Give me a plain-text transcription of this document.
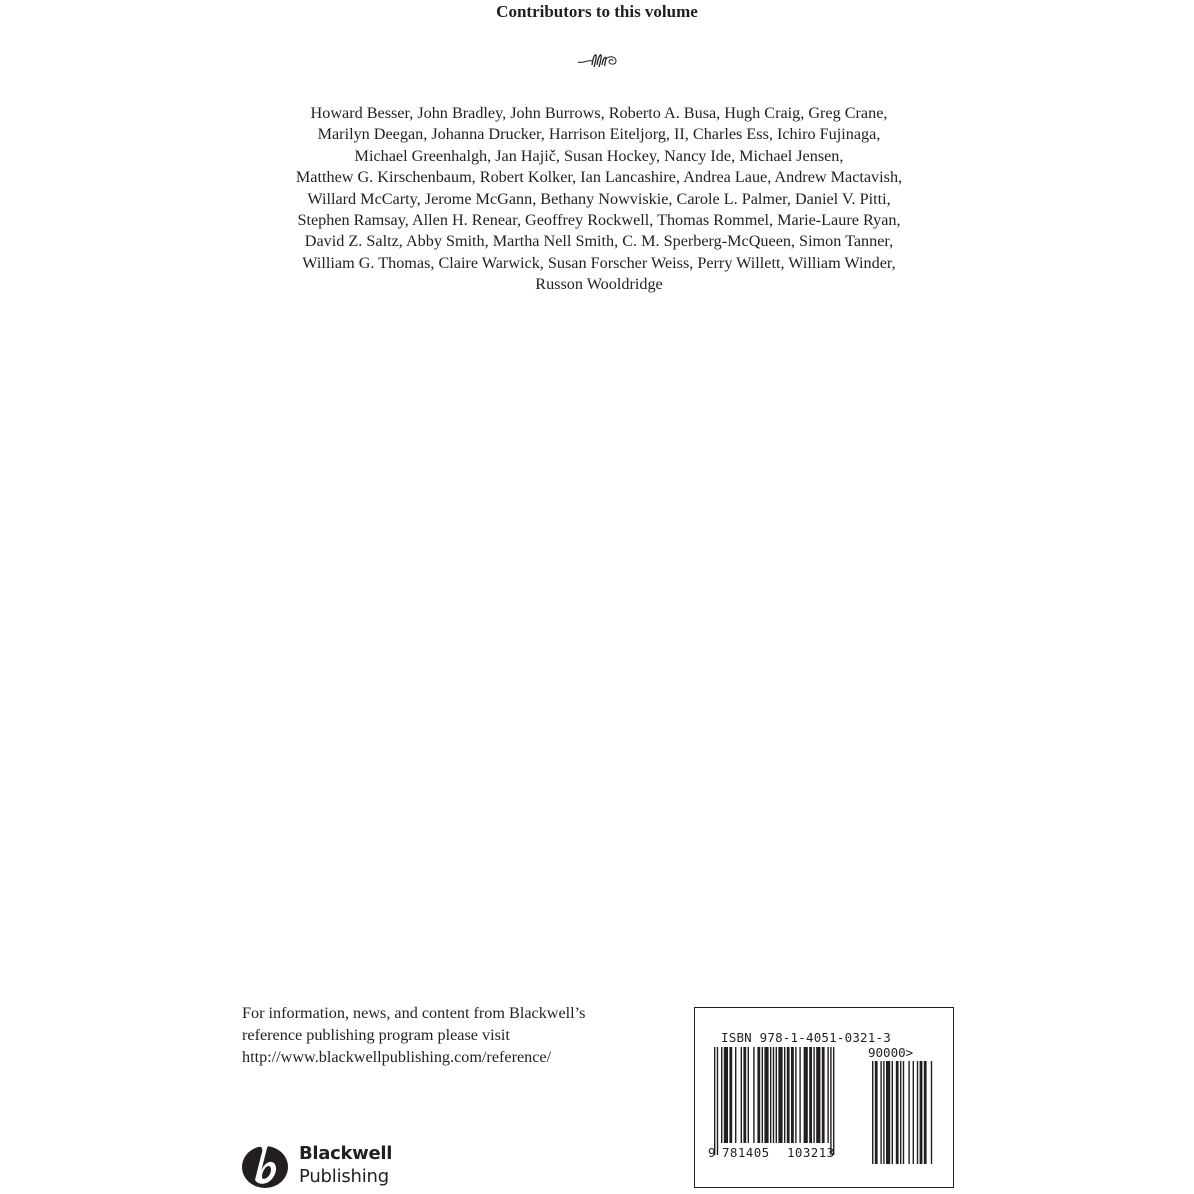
Contributors to this volume
Howard Besser, John Bradley, John Burrows, Roberto A. Busa, Hugh Craig, Greg Crane,
Marilyn Deegan, Johanna Drucker, Harrison Eiteljorg, II, Charles Ess, Ichiro Fujinaga,
Michael Greenhalgh, Jan Hajič, Susan Hockey, Nancy Ide, Michael Jensen,
Matthew G. Kirschenbaum, Robert Kolker, Ian Lancashire, Andrea Laue, Andrew Mactavish,
Willard McCarty, Jerome McGann, Bethany Nowviskie, Carole L. Palmer, Daniel V. Pitti,
Stephen Ramsay, Allen H. Renear, Geoffrey Rockwell, Thomas Rommel, Marie-Laure Ryan,
David Z. Saltz, Abby Smith, Martha Nell Smith, C. M. Sperberg-McQueen, Simon Tanner,
William G. Thomas, Claire Warwick, Susan Forscher Weiss, Perry Willett, William Winder,
Russon Wooldridge
For information, news, and content from Blackwell’s
reference publishing program please visit
http://www.blackwellpublishing.com/reference/
ISBN 978-1-4051-0321-3
90000>
9 781405 103213
Blackwell
Publishing
